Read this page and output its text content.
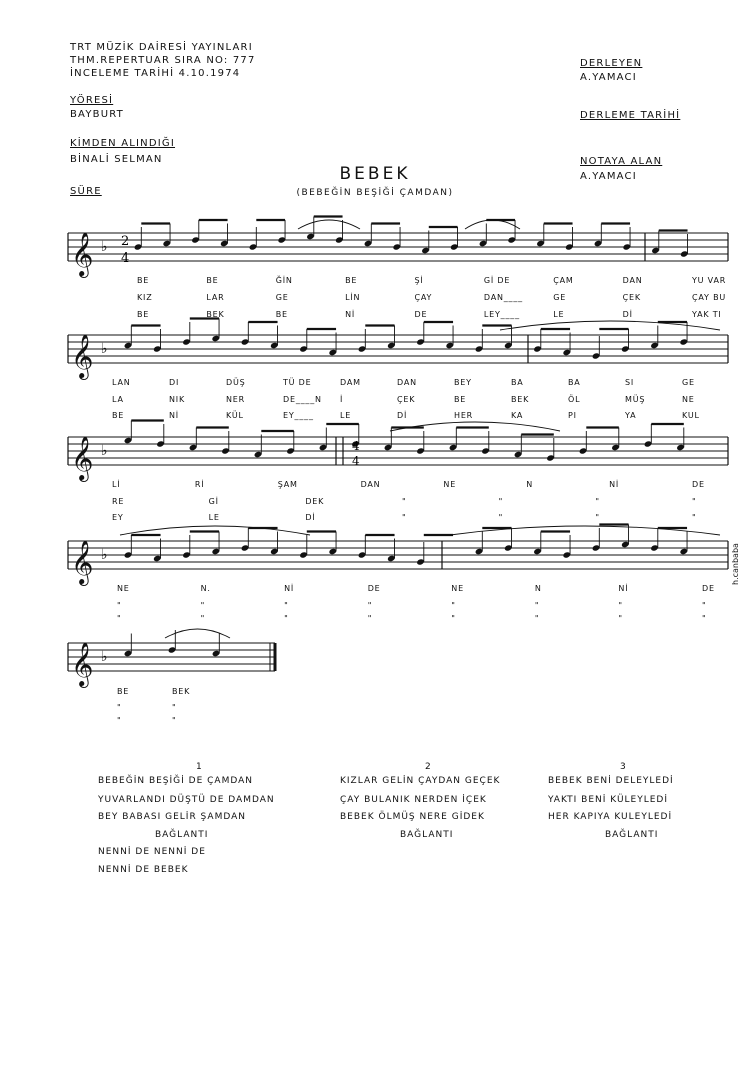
TRT MÜZİK DAİRESİ YAYINLARI
THM.REPERTUAR SIRA NO: 777
İNCELEME TARİHİ 4.10.1974
YÖRESİ
BAYBURT
KİMDEN ALINDIĞI
BİNALİ SELMAN
SÜRE
DERLEYEN
A.YAMACI
DERLEME TARİHİ
NOTAYA ALAN
A.YAMACI
BEBEK
(BEBEĞİN BEŞİĞİ ÇAMDAN)
𝄞 ♭
𝄞 ♭
𝄞 ♭
𝄞 ♭
𝄞 ♭
2
4
4
4
h.canbaba
BE	BE	ĞİN	BE	Şİ	Gİ DE	ÇAM	DAN	YU VAR
KIZ	LAR	GE	LİN	ÇAY	DAN____	GE	ÇEK	ÇAY BU
BE	BEK	BE	Nİ	DE	LEY____	LE	Dİ	YAK TI
LAN	DI	DÜŞ	TÜ DE	DAM	DAN	BEY	BA	BA	SI	GE
LA	NIK	NER	DE____N İ	ÇEK	BE	BEK	ÖL	MÜŞ	NE
BE	Nİ	KÜL	EY____	LE	Dİ	HER	KA	PI	YA	KUL
Lİ	Rİ	ŞAM	DAN	NE	N	Nİ	DE
RE	Gİ	DEK	"	"	"	"
EY	LE	Dİ	"	"	"	"
NE	N.	Nİ	DE	NE	N	Nİ	DE
"	"	"	"	"	"	"	"
"	"	"	"	"	"	"	"
BE	BEK
"	"
"	"
1	2	3
BEBEĞİN BEŞİĞİ DE ÇAMDAN
YUVARLANDI DÜŞTÜ DE DAMDAN
BEY BABASI GELİR ŞAMDAN
BAĞLANTI
NENNİ DE NENNİ DE
NENNİ DE BEBEK
KIZLAR GELİN ÇAYDAN GEÇEK
ÇAY BULANIK NERDEN İÇEK
BEBEK ÖLMÜŞ NERE GİDEK
BAĞLANTI
BEBEK BENİ DELEYLEDİ
YAKTI BENİ KÜLEYLEDİ
HER KAPIYA KULEYLEDİ
BAĞLANTI
